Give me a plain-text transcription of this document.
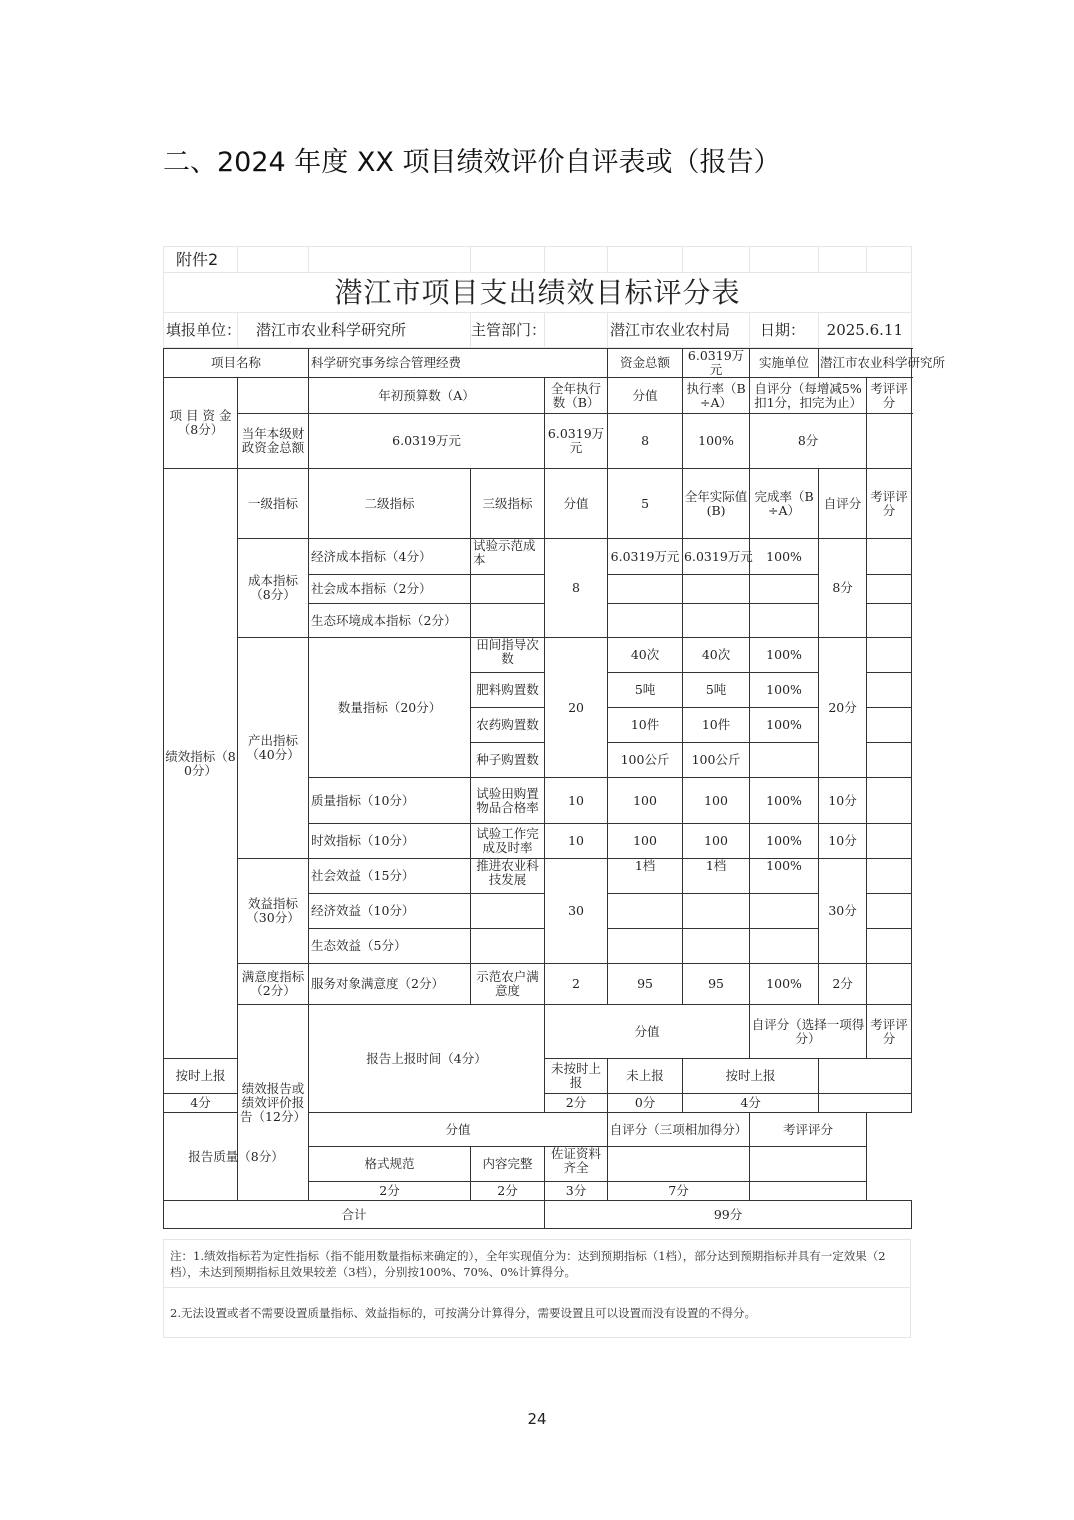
二、2024 年度 XX 项目绩效评价自评表或（报告）
附件2									
潜江市项目支出绩效目标评分表									
填报单位：	潜江市农业科学研究所		主管部门：		潜江市农业农村局		日期：	2025.6.11	
项目名称		科学研究事务综合管理经费			资金总额	6.0319万元	实施单位	潜江市农业科学研究所		
项 目 资 金（8分）		年初预算数（A）		全年执行数（B）	分值	执行率（B÷A）	自评分（每增减5%扣1分，扣完为止）		考评评分	
	当年本级财政资金总额	6.0319万元		6.0319万元	8	100%	8分			
绩效指标（80分）	一级指标	二级指标	三级指标	分值	5	全年实际值(B)	完成率（B÷A）	自评分	考评评分	
	成本指标（8分）	经济成本指标（4分）	试验示范成本	8	6.0319万元	6.0319万元	100%	8分		
		社会成本指标（2分）								
		生态环境成本指标（2分）								
	产出指标（40分）	数量指标（20分）	田间指导次数	20	40次	40次	100%	20分		
			肥料购置数		5吨	5吨	100%			
			农药购置数		10件	10件	100%			
			种子购置数		100公斤	100公斤				
		质量指标（10分）	试验田购置物品合格率	10	100	100	100%	10分		
		时效指标（10分）	试验工作完成及时率	10	100	100	100%	10分		
	效益指标（30分）	社会效益（15分）	推进农业科技发展	30	1档	1档	100%	30分		
		经济效益（10分）								
		生态效益（5分）								
	满意度指标（2分）	服务对象满意度（2分）	示范农户满意度	2	95	95	100%	2分		
	绩效报告或绩效评价报告（12分）	报告上报时间（4分）		分值			自评分（选择一项得分）		考评评分	
按时上报				未按时上报	未上报	按时上报				
4分				2分	0分	4分				
报告质量（8分）		分值			自评分（三项相加得分）		考评评分			
		格式规范	内容完整	佐证资料齐全						
		2分	2分	3分	7分					
合计				99分						
注：1.绩效指标若为定性指标（指不能用数量指标来确定的），全年实现值分为：达到预期指标（1档），部分达到预期指标并具有一定效果（2档），未达到预期指标且效果较差（3档），分别按100%、70%、0%计算得分。
2.无法设置或者不需要设置质量指标、效益指标的，可按满分计算得分，需要设置且可以设置而没有设置的不得分。
24
